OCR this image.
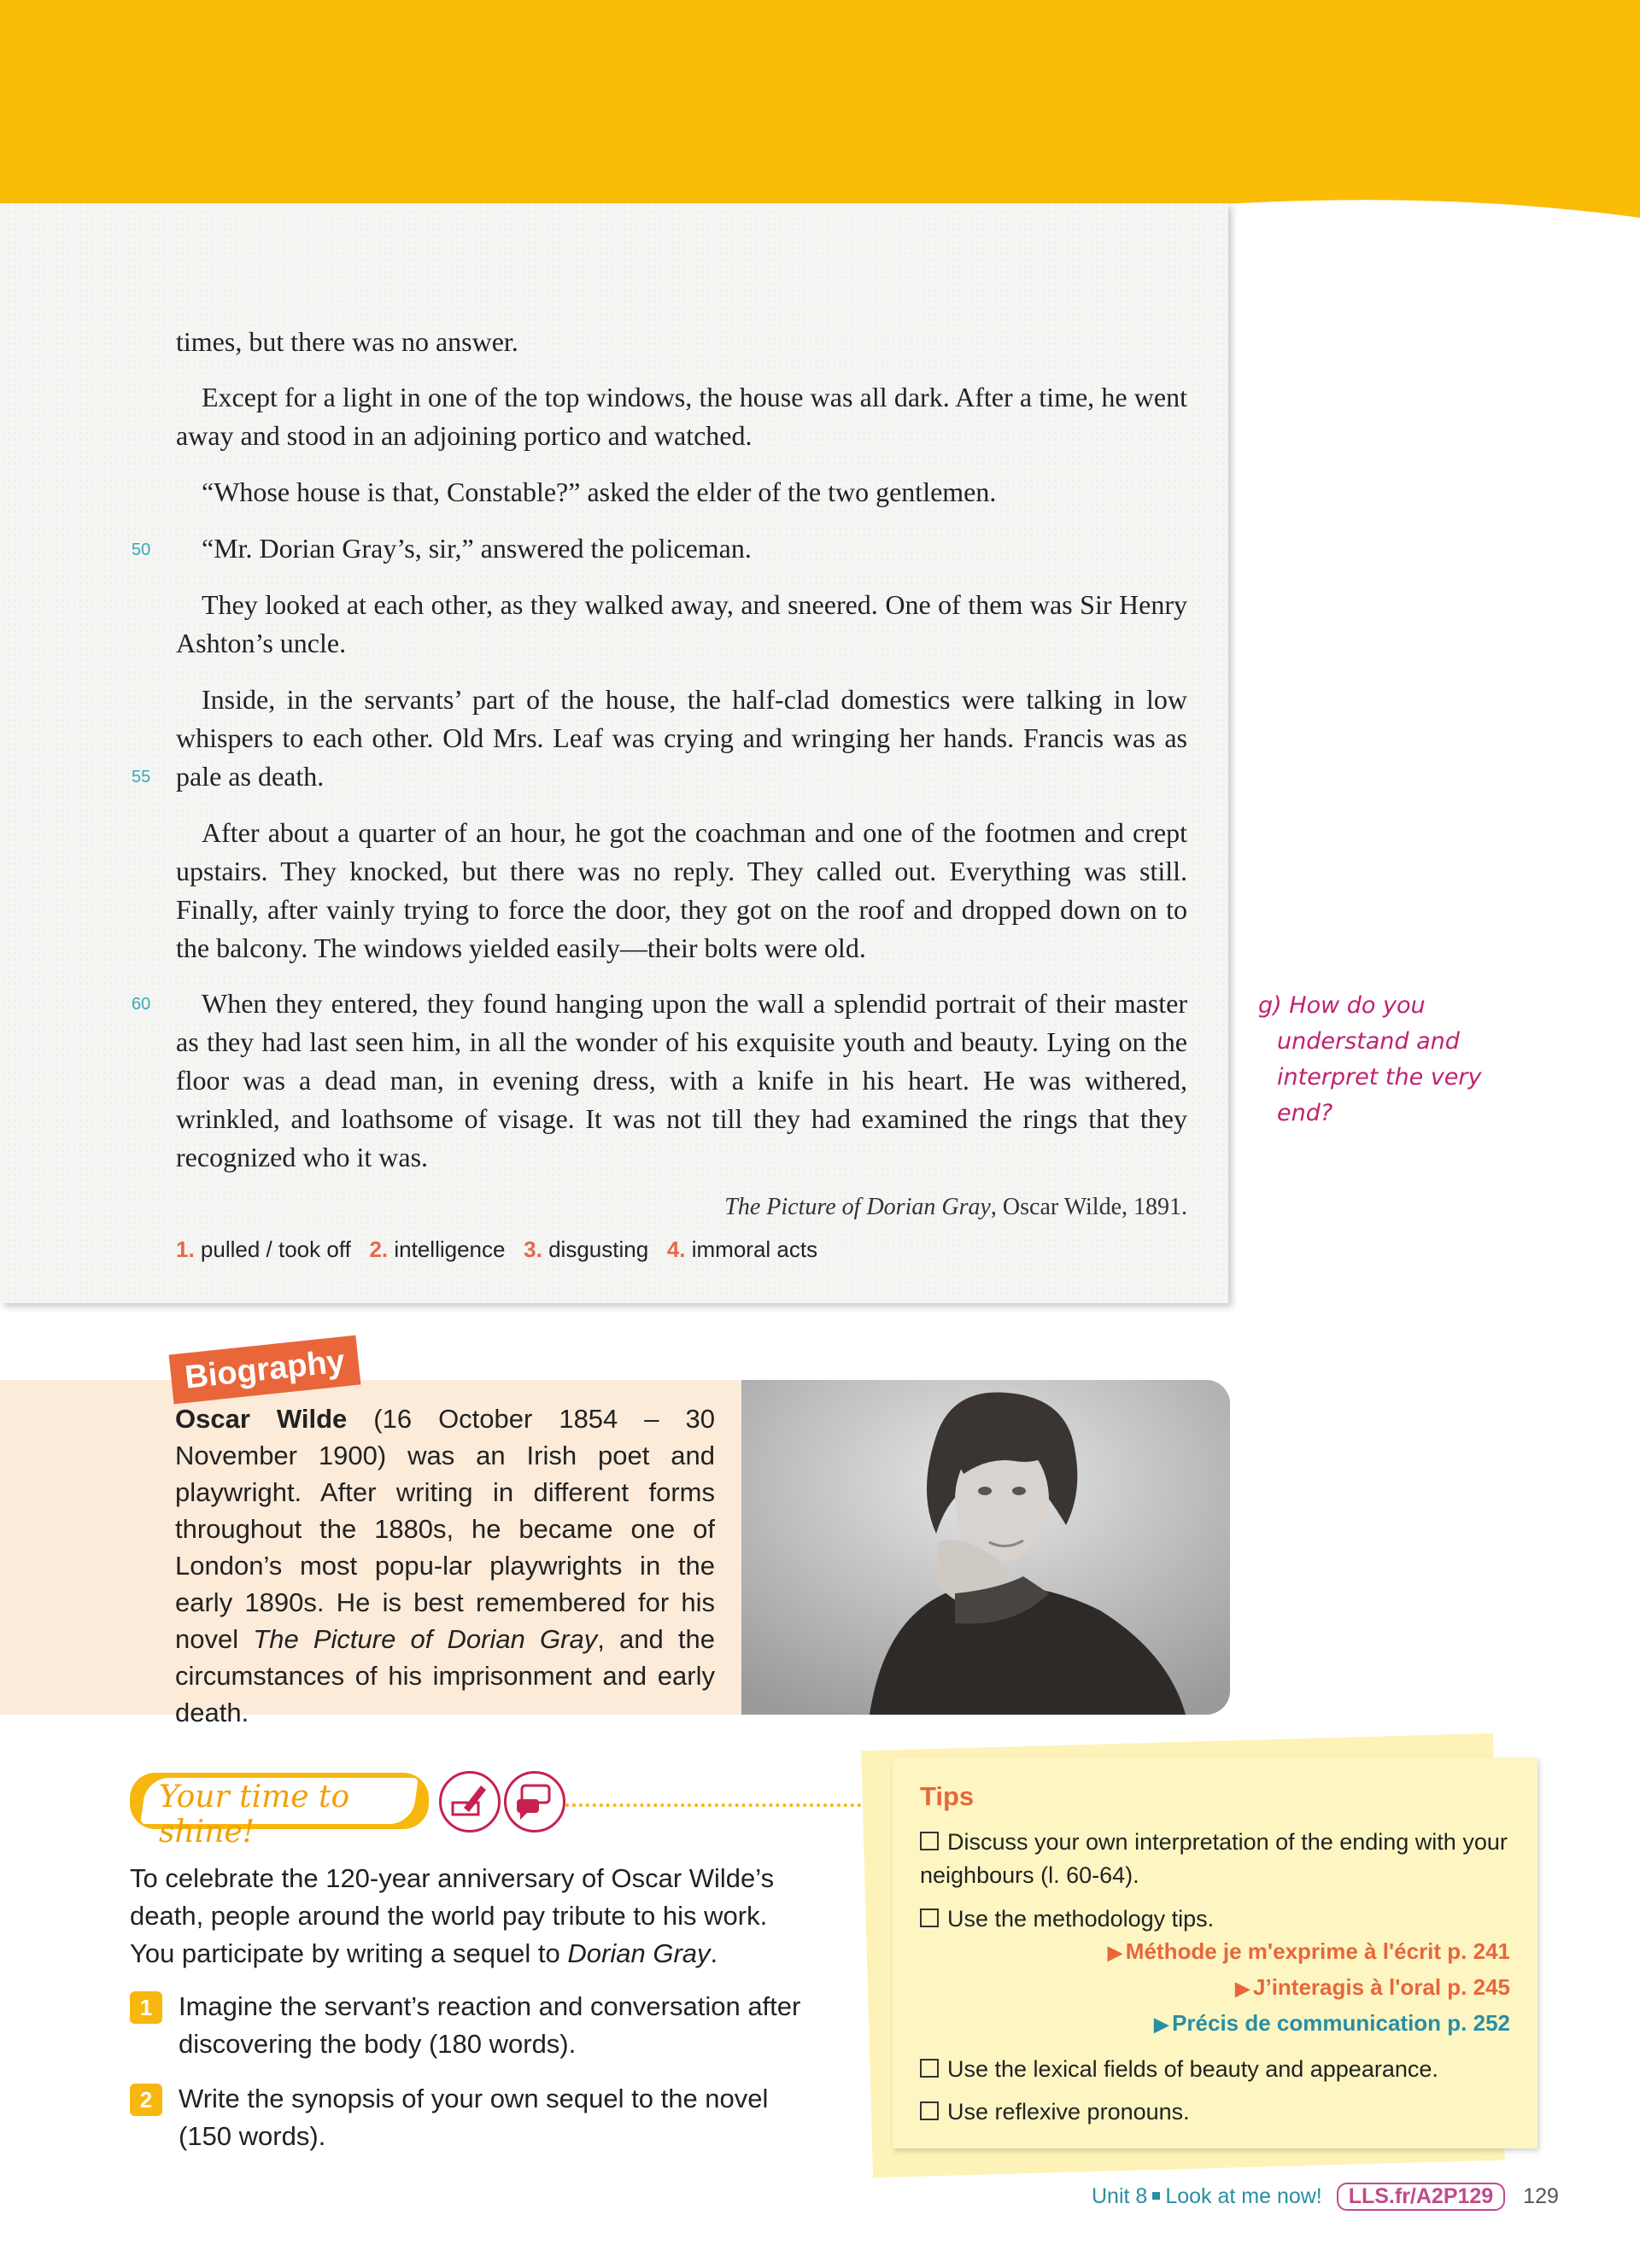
times, but there was no answer.
Except for a light in one of the top windows, the house was all dark. After a time, he went away and stood in an adjoining portico and watched.
“Whose house is that, Constable?” asked the elder of the two gentlemen.
“Mr. Dorian Gray’s, sir,” answered the policeman.
They looked at each other, as they walked away, and sneered. One of them was Sir Henry Ashton’s uncle.
Inside, in the servants’ part of the house, the half-clad domestics were talking in low whispers to each other. Old Mrs. Leaf was crying and wringing her hands. Francis was as pale as death.
After about a quarter of an hour, he got the coachman and one of the footmen and crept upstairs. They knocked, but there was no reply. They called out. Everything was still. Finally, after vainly trying to force the door, they got on the roof and dropped down on to the balcony. The windows yielded easily—their bolts were old.
When they entered, they found hanging upon the wall a splendid portrait of their master as they had last seen him, in all the wonder of his exquisite youth and beauty. Lying on the floor was a dead man, in evening dress, with a knife in his heart. He was withered, wrinkled, and loathsome of visage. It was not till they had examined the rings that they recognized who it was.
The Picture of Dorian Gray, Oscar Wilde, 1891.
50
55
60
1. pulled / took off 2. intelligence 3. disgusting 4. immoral acts
g) How do you
understand and
interpret the very
end?
Biography
Oscar Wilde (16 October 1854 – 30 November 1900) was an Irish poet and playwright. After writing in different forms throughout the 1880s, he became one of London’s most popu-lar playwrights in the early 1890s. He is best remembered for his novel The Picture of Dorian Gray, and the circumstances of his imprisonment and early death.
Your time to shine!
To celebrate the 120-year anniversary of Oscar Wilde’s death, people around the world pay tribute to his work. You participate by writing a sequel to Dorian Gray.
1 Imagine the servant’s reaction and conversation after discovering the body (180 words).
2 Write the synopsis of your own sequel to the novel (150 words).
Tips
Discuss your own interpretation of the ending with your neighbours (l. 60-64).
Use the methodology tips.
▶ Méthode je m'exprime à l'écrit p. 241
▶ J’interagis à l'oral p. 245
▶ Précis de communication p. 252
Use the lexical fields of beauty and appearance.
Use reflexive pronouns.
Unit 8 Look at me now! LLS.fr/A2P129 129
